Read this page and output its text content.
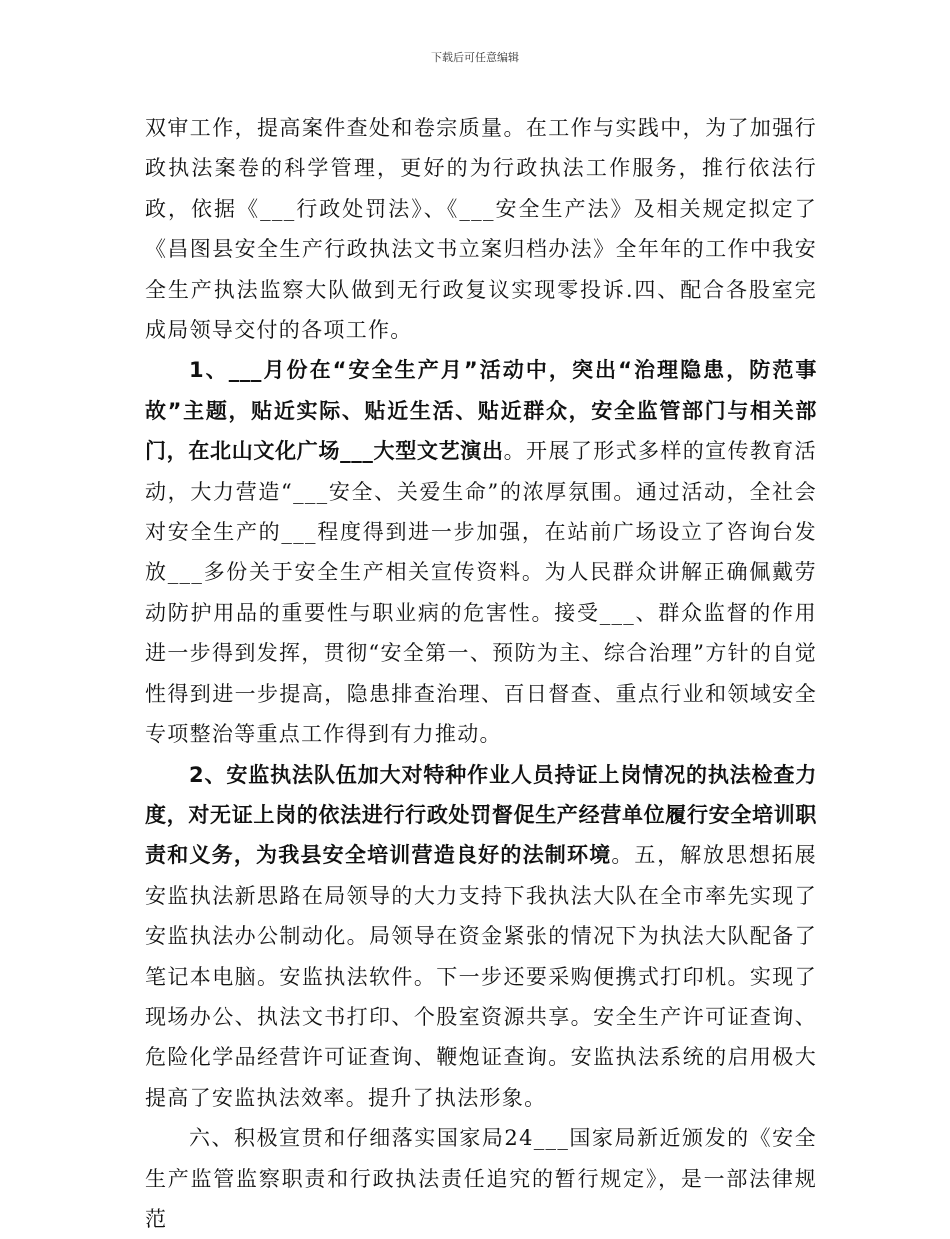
下载后可任意编辑

双审工作，提高案件查处和卷宗质量。在工作与实践中，为了加强行政执法案卷的科学管理，更好的为行政执法工作服务，推行依法行政，依据《___行政处罚法》、《___安全生产法》及相关规定拟定了《昌图县安全生产行政执法文书立案归档办法》全年年的工作中我安全生产执法监察大队做到无行政复议实现零投诉.四、配合各股室完成局领导交付的各项工作。

1、___月份在“安全生产月”活动中，突出“治理隐患，防范事故”主题，贴近实际、贴近生活、贴近群众，安全监管部门与相关部门，在北山文化广场___大型文艺演出。开展了形式多样的宣传教育活动，大力营造“___安全、关爱生命”的浓厚氛围。通过活动，全社会对安全生产的___程度得到进一步加强，在站前广场设立了咨询台发放___多份关于安全生产相关宣传资料。为人民群众讲解正确佩戴劳动防护用品的重要性与职业病的危害性。接受___、群众监督的作用进一步得到发挥，贯彻“安全第一、预防为主、综合治理”方针的自觉性得到进一步提高，隐患排查治理、百日督查、重点行业和领域安全专项整治等重点工作得到有力推动。

2、安监执法队伍加大对特种作业人员持证上岗情况的执法检查力度，对无证上岗的依法进行行政处罚督促生产经营单位履行安全培训职责和义务，为我县安全培训营造良好的法制环境。五，解放思想拓展安监执法新思路在局领导的大力支持下我执法大队在全市率先实现了安监执法办公制动化。局领导在资金紧张的情况下为执法大队配备了笔记本电脑。安监执法软件。下一步还要采购便携式打印机。实现了现场办公、执法文书打印、个股室资源共享。安全生产许可证查询、危险化学品经营许可证查询、鞭炮证查询。安监执法系统的启用极大提高了安监执法效率。提升了执法形象。

六、积极宣贯和仔细落实国家局24___国家局新近颁发的《安全生产监管监察职责和行政执法责任追究的暂行规定》，是一部法律规范
